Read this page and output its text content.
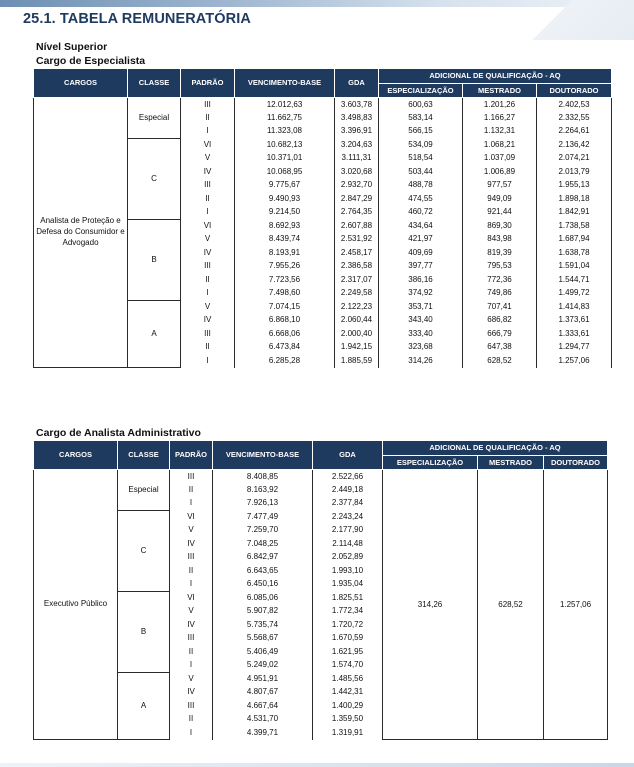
25.1. TABELA REMUNERATÓRIA
Nível Superior
Cargo de Especialista
CARGOS	CLASSE	PADRÃO	VENCIMENTO-BASE	GDA	ADICIONAL DE QUALIFICAÇÃO - AQ		
					ESPECIALIZAÇÃO	MESTRADO	DOUTORADO
Analista de Proteção e Defesa do Consumidor e Advogado	Especial	III	12.012,63	3.603,78	600,63	1.201,26	2.402,53
		II	11.662,75	3.498,83	583,14	1.166,27	2.332,55
		I	11.323,08	3.396,91	566,15	1.132,31	2.264,61
	C	VI	10.682,13	3.204,63	534,09	1.068,21	2.136,42
		V	10.371,01	3.111,31	518,54	1.037,09	2.074,21
		IV	10.068,95	3.020,68	503,44	1.006,89	2.013,79
		III	9.775,67	2.932,70	488,78	977,57	1.955,13
		II	9.490,93	2.847,29	474,55	949,09	1.898,18
		I	9.214,50	2.764,35	460,72	921,44	1.842,91
	B	VI	8.692,93	2.607,88	434,64	869,30	1.738,58
		V	8.439,74	2.531,92	421,97	843,98	1.687,94
		IV	8.193,91	2.458,17	409,69	819,39	1.638,78
		III	7.955,26	2.386,58	397,77	795,53	1.591,04
		II	7.723,56	2.317,07	386,16	772,36	1.544,71
		I	7.498,60	2.249,58	374,92	749,86	1.499,72
	A	V	7.074,15	2.122,23	353,71	707,41	1.414,83
		IV	6.868,10	2.060,44	343,40	686,82	1.373,61
		III	6.668,06	2.000,40	333,40	666,79	1.333,61
		II	6.473,84	1.942,15	323,68	647,38	1.294,77
		I	6.285,28	1.885,59	314,26	628,52	1.257,06
Cargo de Analista Administrativo
CARGOS	CLASSE	PADRÃO	VENCIMENTO-BASE	GDA	ADICIONAL DE QUALIFICAÇÃO - AQ		
					ESPECIALIZAÇÃO	MESTRADO	DOUTORADO
Executivo Público	Especial	III	8.408,85	2.522,66	314,26	628,52	1.257,06
		II	8.163,92	2.449,18			
		I	7.926,13	2.377,84			
	C	VI	7.477,49	2.243,24			
		V	7.259,70	2.177,90			
		IV	7.048,25	2.114,48			
		III	6.842,97	2.052,89			
		II	6.643,65	1.993,10			
		I	6.450,16	1.935,04			
	B	VI	6.085,06	1.825,51			
		V	5.907,82	1.772,34			
		IV	5.735,74	1.720,72			
		III	5.568,67	1.670,59			
		II	5.406,49	1.621,95			
		I	5.249,02	1.574,70			
	A	V	4.951,91	1.485,56			
		IV	4.807,67	1.442,31			
		III	4.667,64	1.400,29			
		II	4.531,70	1.359,50			
		I	4.399,71	1.319,91			
